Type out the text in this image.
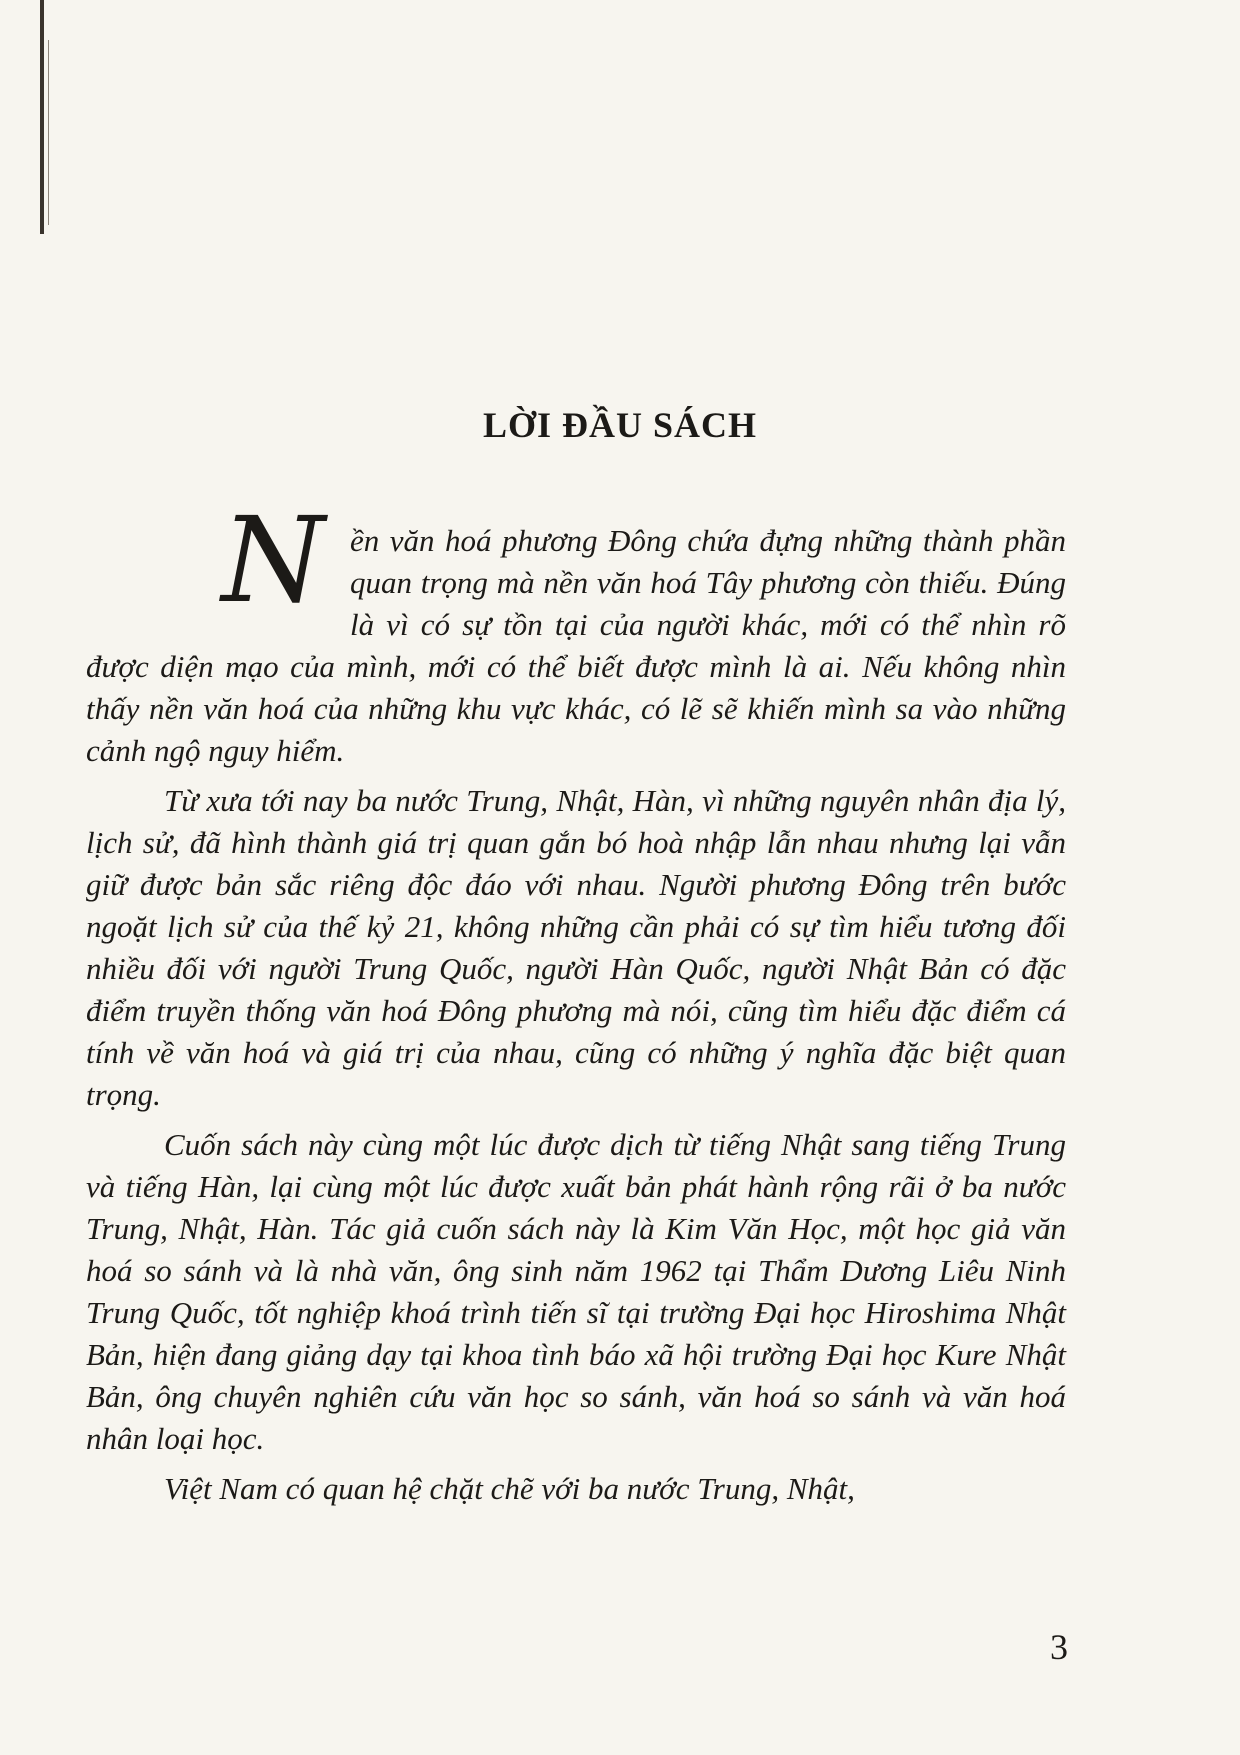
LỜI ĐẦU SÁCH

Nền văn hoá phương Đông chứa đựng những thành phần quan trọng mà nền văn hoá Tây phương còn thiếu. Đúng là vì có sự tồn tại của người khác, mới có thể nhìn rõ được diện mạo của mình, mới có thể biết được mình là ai. Nếu không nhìn thấy nền văn hoá của những khu vực khác, có lẽ sẽ khiến mình sa vào những cảnh ngộ nguy hiểm.

Từ xưa tới nay ba nước Trung, Nhật, Hàn, vì những nguyên nhân địa lý, lịch sử, đã hình thành giá trị quan gắn bó hoà nhập lẫn nhau nhưng lại vẫn giữ được bản sắc riêng độc đáo với nhau. Người phương Đông trên bước ngoặt lịch sử của thế kỷ 21, không những cần phải có sự tìm hiểu tương đối nhiều đối với người Trung Quốc, người Hàn Quốc, người Nhật Bản có đặc điểm truyền thống văn hoá Đông phương mà nói, cũng tìm hiểu đặc điểm cá tính về văn hoá và giá trị của nhau, cũng có những ý nghĩa đặc biệt quan trọng.

Cuốn sách này cùng một lúc được dịch từ tiếng Nhật sang tiếng Trung và tiếng Hàn, lại cùng một lúc được xuất bản phát hành rộng rãi ở ba nước Trung, Nhật, Hàn. Tác giả cuốn sách này là Kim Văn Học, một học giả văn hoá so sánh và là nhà văn, ông sinh năm 1962 tại Thẩm Dương Liêu Ninh Trung Quốc, tốt nghiệp khoá trình tiến sĩ tại trường Đại học Hiroshima Nhật Bản, hiện đang giảng dạy tại khoa tình báo xã hội trường Đại học Kure Nhật Bản, ông chuyên nghiên cứu văn học so sánh, văn hoá so sánh và văn hoá nhân loại học.

Việt Nam có quan hệ chặt chẽ với ba nước Trung, Nhật,

3
